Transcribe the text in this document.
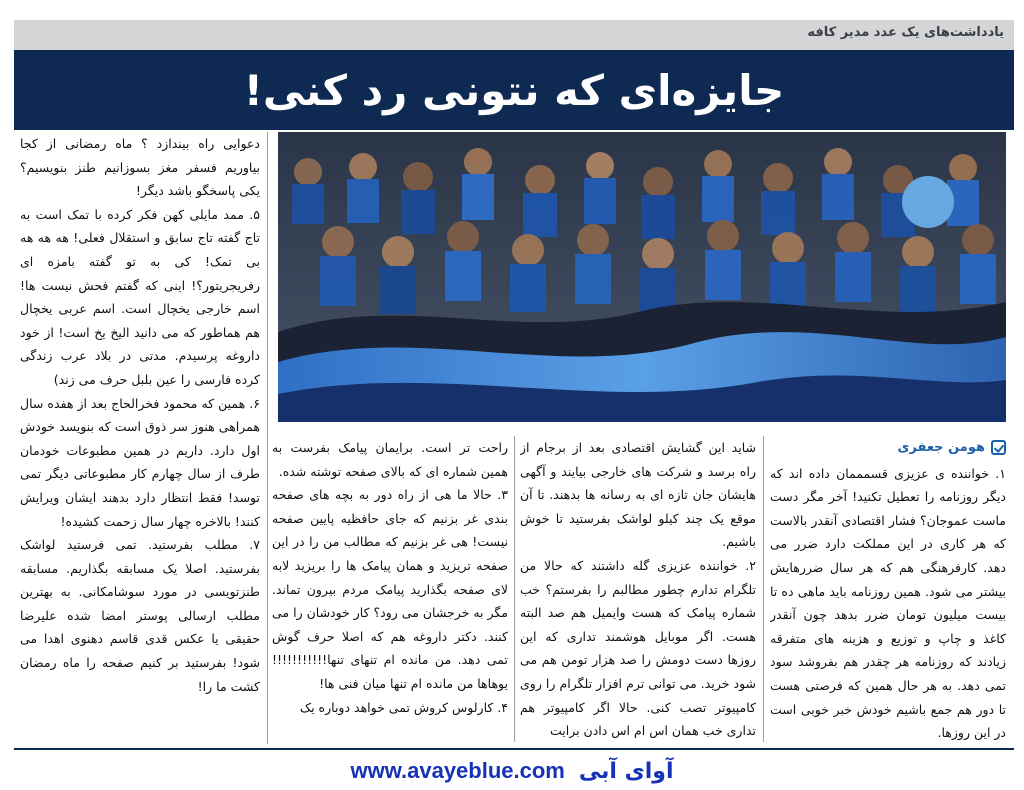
یادداشت‌های یک عدد مدیر کافه
جایزه‌ای که نتونی رد کنی!

دعوایی راه بیندازد ؟ ماه رمضانی از کجا بیاوریم فسفر مغز بسوزانیم طنز بنویسیم؟ یکی پاسخگو باشد دیگر!

۵. ممد مایلی کهن فکر کرده با تمک است به تاج گفته تاج سابق و استقلال فعلی! هه هه هه بی تمک! کی به تو گفته بامزه ای رفریجریتور؟! اینی که گفتم فحش نیست ها! اسم خارجی یخچال است. اسم عربی یخچال هم هماطور که می دانید الیخ یخ است! از خود داروغه پرسیدم. مدتی در بلاد عرب زندگی کرده فارسی را عین بلبل حرف می زند)

۶. همین که محمود فخرالحاج بعد از هفده سال همراهی هنوز سر ذوق است که بنویسد خودش اول دارد. داریم در همین مطبوعات خودمان طرف از سال چهارم کار مطبوعاتی دیگر تمی توسد! فقط انتظار دارد بدهند ایشان ویرایش کنند! بالاخره چهار سال زحمت کشیده!

۷. مطلب بفرستید. تمی فرستید لواشک بفرستید. اصلا یک مسابقه بگذاریم. مسابقه طنزتویسی در مورد سوشامکانی. به بهترین مطلب ارسالی پوستر امضا شده علیرضا حقیقی یا عکس قدی قاسم دهنوی اهدا می شود! بفرستید بر کنیم صفحه را ماه رمضان کشت ما را!

راحت تر است. برایمان پیامک بفرست به همین شماره ای که بالای صفحه توشته شده.

۳. حالا ما هی از راه دور به بچه های صفحه بندی غر بزنیم که جای حافظیه پایین صفحه نیست! هی غر بزنیم که مطالب من را در این صفحه تریزید و همان پیامک ها را بریزید لابه لای صفحه بگذارید پیامک مردم بیرون تماند. مگر به خرجشان می رود؟ کار خودشان را می کنند. دکتر داروغه هم که اصلا حرف گوش تمی دهد. من مانده ام تنهای تنها!!!!!!!!!!! یوهاها من مانده ام تنها میان فنی ها!

۴. کارلوس کروش تمی خواهد دوباره یک

شاید این گشایش اقتصادی بعد از برجام از راه برسد و شرکت های خارجی بیایند و آگهی هایشان جان تازه ای به رسانه ها بدهند. تا آن موقع یک چند کیلو لواشک بفرستید تا خوش باشیم.

۲. خواننده عزیزی گله داشتند که حالا من تلگرام تدارم چطور مطالبم را بفرستم؟ خب شماره پیامک که هست وایمیل هم صد البته هست. اگر موبایل هوشمند تداری که این روزها دست دومش را صد هزار تومن هم می شود خرید. می توانی ترم افزار تلگرام را روی کامپیوتر تصب کنی. حالا اگر کامپیوتر هم تداری خب همان اس ام اس دادن برایت

هومن جعفری

۱. خواننده ی عزیزی قسمممان داده اند که دیگر روزنامه را تعطیل تکنید! آخر مگر دست ماست عموجان؟ فشار اقتصادی آنقدر بالاست که هر کاری در این مملکت دارد ضرر می دهد. کارفرهنگی هم که هر سال ضررهایش بیشتر می شود. همین روزنامه باید ماهی ده تا بیست میلیون تومان ضرر بدهد چون آنقدر کاغذ و چاپ و توزیع و هزینه های متفرقه زیادند که روزنامه هر چقدر هم بفروشد سود تمی دهد. به هر حال همین که فرصتی هست تا دور هم جمع باشیم خودش خبر خوبی است در این روزها.

www.avayeblue.com آوای آبی
